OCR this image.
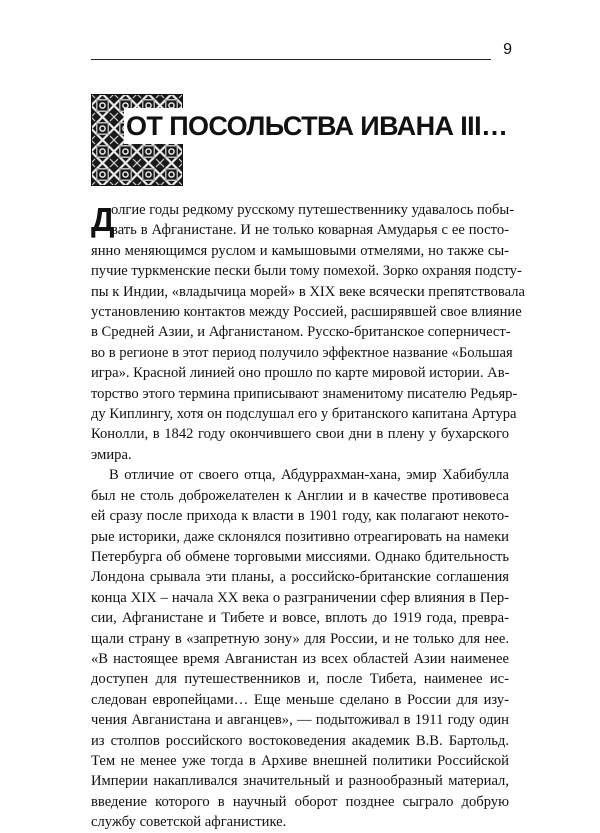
9
ОТ ПОСОЛЬСТВА ИВАНА III…
Д
олгие годы редкому русскому путешественнику удавалось побы-
вать в Афганистане. И не только коварная Амударья с ее посто-
янно меняющимся руслом и камышовыми отмелями, но также сы-
пучие туркменские пески были тому помехой. Зорко охраняя подсту-
пы к Индии, «владычица морей» в XIX веке всячески препятствовала
установлению контактов между Россией, расширявшей свое влияние
в Средней Азии, и Афганистаном. Русско-британское соперничест-
во в регионе в этот период получило эффектное название «Большая
игра». Красной линией оно прошло по карте мировой истории. Ав-
торство этого термина приписывают знаменитому писателю Редьяр-
ду Киплингу, хотя он подслушал его у британского капитана Артура
Конолли, в 1842 году окончившего свои дни в плену у бухарского
эмира.
В отличие от своего отца, Абдуррахман-хана, эмир Хабибулла
был не столь доброжелателен к Англии и в качестве противовеса
ей сразу после прихода к власти в 1901 году, как полагают некото-
рые историки, даже склонялся позитивно отреагировать на намеки
Петербурга об обмене торговыми миссиями. Однако бдительность
Лондона срывала эти планы, а российско-британские соглашения
конца XIX – начала XX века о разграничении сфер влияния в Пер-
сии, Афганистане и Тибете и вовсе, вплоть до 1919 года, превра-
щали страну в «запретную зону» для России, и не только для нее.
«В настоящее время Авганистан из всех областей Азии наименее
доступен для путешественников и, после Тибета, наименее ис-
следован европейцами… Еще меньше сделано в России для изу-
чения Авганистана и авганцев», — подытоживал в 1911 году один
из столпов российского востоковедения академик В.В. Бартольд.
Тем не менее уже тогда в Архиве внешней политики Российской
Империи накапливался значительный и разнообразный материал,
введение которого в научный оборот позднее сыграло добрую
службу советской афганистике.
